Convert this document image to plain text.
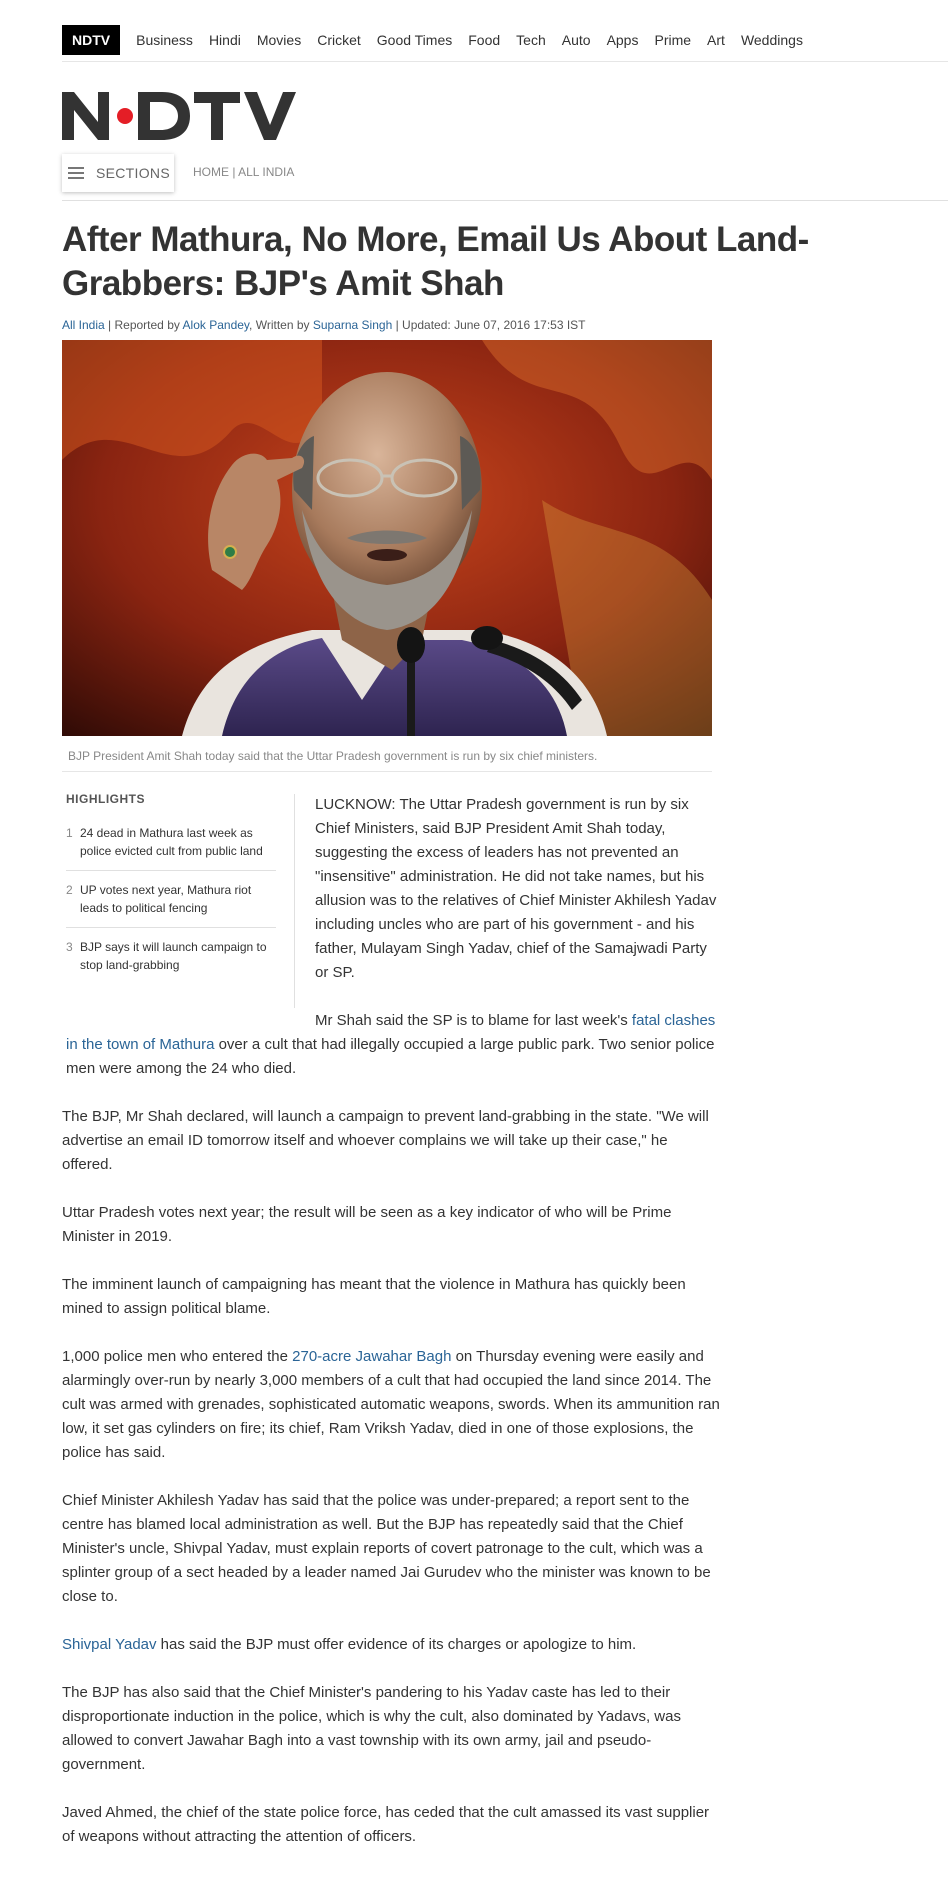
NDTV	Business Hindi Movies Cricket Good Times Food Tech Auto Apps Prime Art Weddings
SECTIONS HOME | ALL INDIA
After Mathura, No More, Email Us About Land-Grabbers: BJP's Amit Shah
All India | Reported by Alok Pandey, Written by Suparna Singh | Updated: June 07, 2016 17:53 IST
BJP President Amit Shah today said that the Uttar Pradesh government is run by six chief ministers.
HIGHLIGHTS
1 24 dead in Mathura last week as police evicted cult from public land
2 UP votes next year, Mathura riot leads to political fencing
3 BJP says it will launch campaign to stop land-grabbing

LUCKNOW: The Uttar Pradesh government is run by six Chief Ministers, said BJP President Amit Shah today, suggesting the excess of leaders has not prevented an "insensitive" administration. He did not take names, but his allusion was to the relatives of Chief Minister Akhilesh Yadav including uncles who are part of his government - and his father, Mulayam Singh Yadav, chief of the Samajwadi Party or SP.

Mr Shah said the SP is to blame for last week's fatal clashes in the town of Mathura over a cult that had illegally occupied a large public park. Two senior police men were among the 24 who died.

The BJP, Mr Shah declared, will launch a campaign to prevent land-grabbing in the state. "We will advertise an email ID tomorrow itself and whoever complains we will take up their case," he offered.

Uttar Pradesh votes next year; the result will be seen as a key indicator of who will be Prime Minister in 2019.

The imminent launch of campaigning has meant that the violence in Mathura has quickly been mined to assign political blame.

1,000 police men who entered the 270-acre Jawahar Bagh on Thursday evening were easily and alarmingly over-run by nearly 3,000 members of a cult that had occupied the land since 2014. The cult was armed with grenades, sophisticated automatic weapons, swords. When its ammunition ran low, it set gas cylinders on fire; its chief, Ram Vriksh Yadav, died in one of those explosions, the police has said.

Chief Minister Akhilesh Yadav has said that the police was under-prepared; a report sent to the centre has blamed local administration as well. But the BJP has repeatedly said that the Chief Minister's uncle, Shivpal Yadav, must explain reports of covert patronage to the cult, which was a splinter group of a sect headed by a leader named Jai Gurudev who the minister was known to be close to.

Shivpal Yadav has said the BJP must offer evidence of its charges or apologize to him.

The BJP has also said that the Chief Minister's pandering to his Yadav caste has led to their disproportionate induction in the police, which is why the cult, also dominated by Yadavs, was allowed to convert Jawahar Bagh into a vast township with its own army, jail and pseudo-government.

Javed Ahmed, the chief of the state police force, has ceded that the cult amassed its vast supplier of weapons without attracting the attention of officers.
